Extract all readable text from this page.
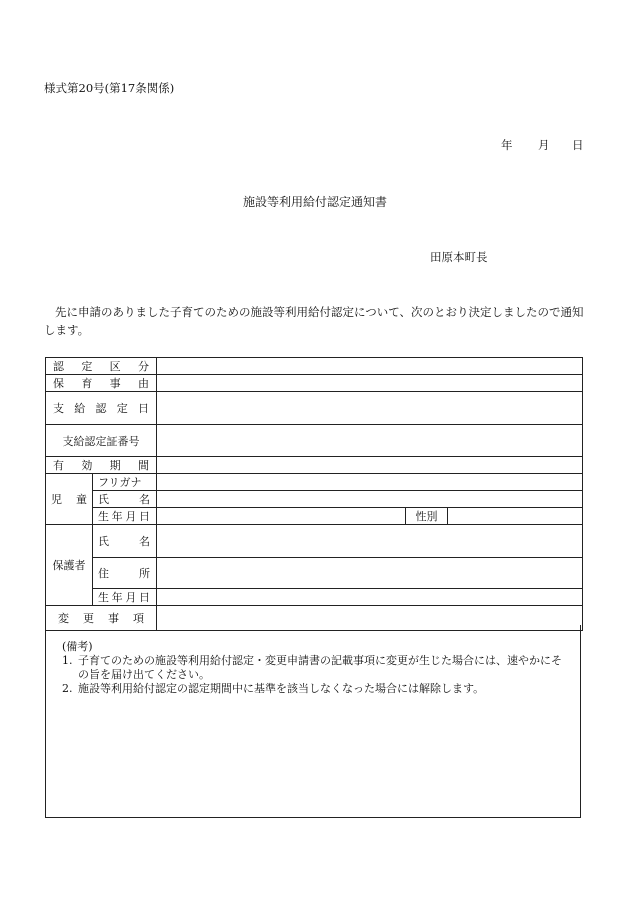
様式第20号(第17条関係)
年 月 日
施設等利用給付認定通知書
田原本町長
先に申請のありました子育てのための施設等利用給付認定について、次のとおり決定しましたので通知します。
認 定 区 分				

保 育 事 由				

支 給 認 定 日				

支給認定証番号				

有 効 期 間				

児 童	フリガナ			

	氏 名			

	生 年 月 日		性別	
保護者	氏 名			

	住 所			

	生 年 月 日			

変 更 事 項				

(備考)
1. 子育てのための施設等利用給付認定・変更申請書の記載事項に変更が生じた場合には、速やかにその旨を届け出てください。
2. 施設等利用給付認定の認定期間中に基準を該当しなくなった場合には解除します。
